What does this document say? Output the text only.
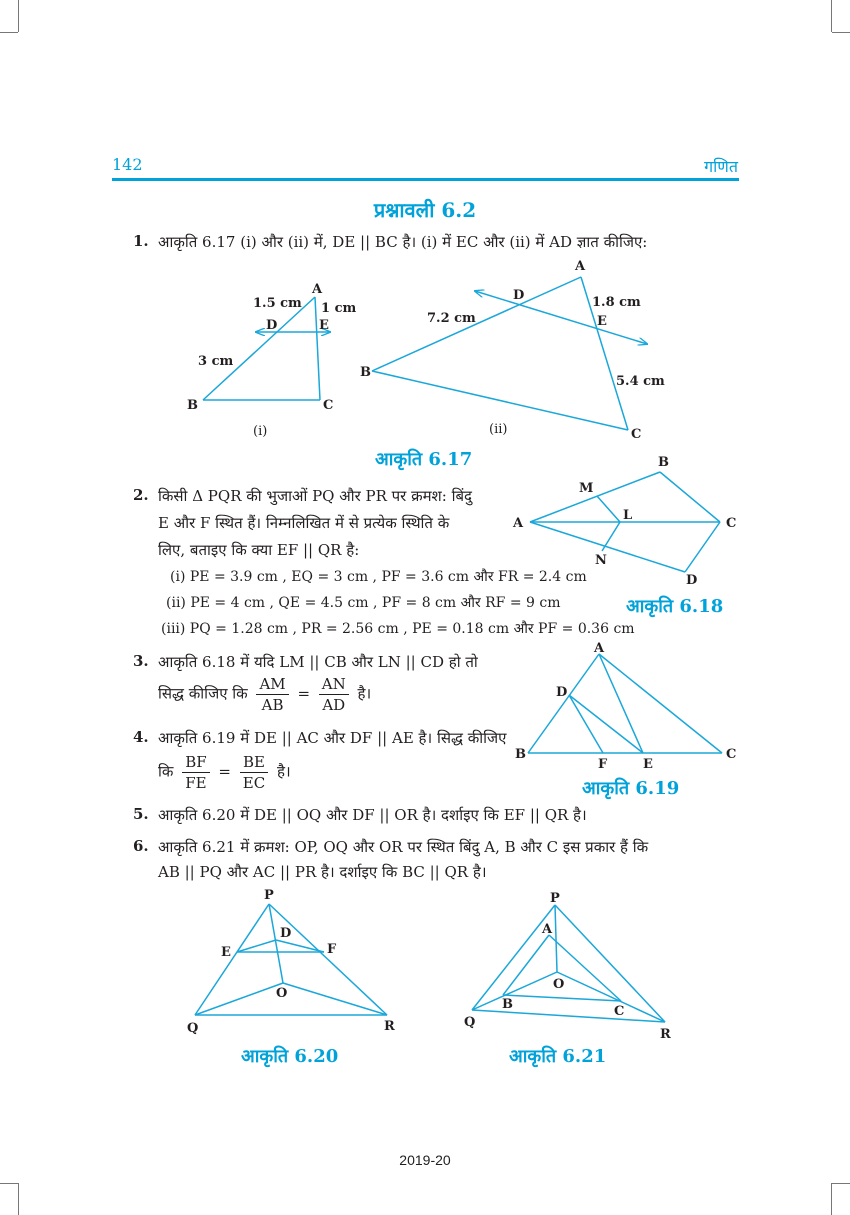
142	गणित
प्रश्नावली 6.2
1. आकृति 6.17 (i) और (ii) में, DE || BC है। (i) में EC और (ii) में AD ज्ञात कीजिए:
A
B	C
D	E
1.5 cm 1 cm
3 cm
(i)
A
B
C
D
E
7.2 cm
1.8 cm
5.4 cm
(ii)
A
B
C
D
M
L
N
A
B	C
D
E
F
P
Q	R
O
D
E	F
P
Q
R
O
A
B	C
आकृति 6.17
आकृति 6.18
आकृति 6.19
आकृति 6.20	आकृति 6.21
2. किसी Δ PQR की भुजाओं PQ और PR पर क्रमश: बिंदु
E और F स्थित हैं। निम्नलिखित में से प्रत्येक स्थिति के
लिए, बताइए कि क्या EF || QR है:
(i) PE = 3.9 cm , EQ = 3 cm , PF = 3.6 cm और FR = 2.4 cm
(ii) PE = 4 cm , QE = 4.5 cm , PF = 8 cm और RF = 9 cm
(iii) PQ = 1.28 cm , PR = 2.56 cm , PE = 0.18 cm और PF = 0.36 cm
3. आकृति 6.18 में यदि LM || CB और LN || CD हो तो
सिद्ध कीजिए कि $\frac{AM}{AB} = \frac{AN}{AD}$ है।
4. आकृति 6.19 में DE || AC और DF || AE है। सिद्ध कीजिए
कि $\frac{BF}{FE} = \frac{BE}{EC}$ है।
5. आकृति 6.20 में DE || OQ और DF || OR है। दर्शाइए कि EF || QR है।
6. आकृति 6.21 में क्रमश: OP, OQ और OR पर स्थित बिंदु A, B और C इस प्रकार हैं कि
AB || PQ और AC || PR है। दर्शाइए कि BC || QR है।
2019-20
